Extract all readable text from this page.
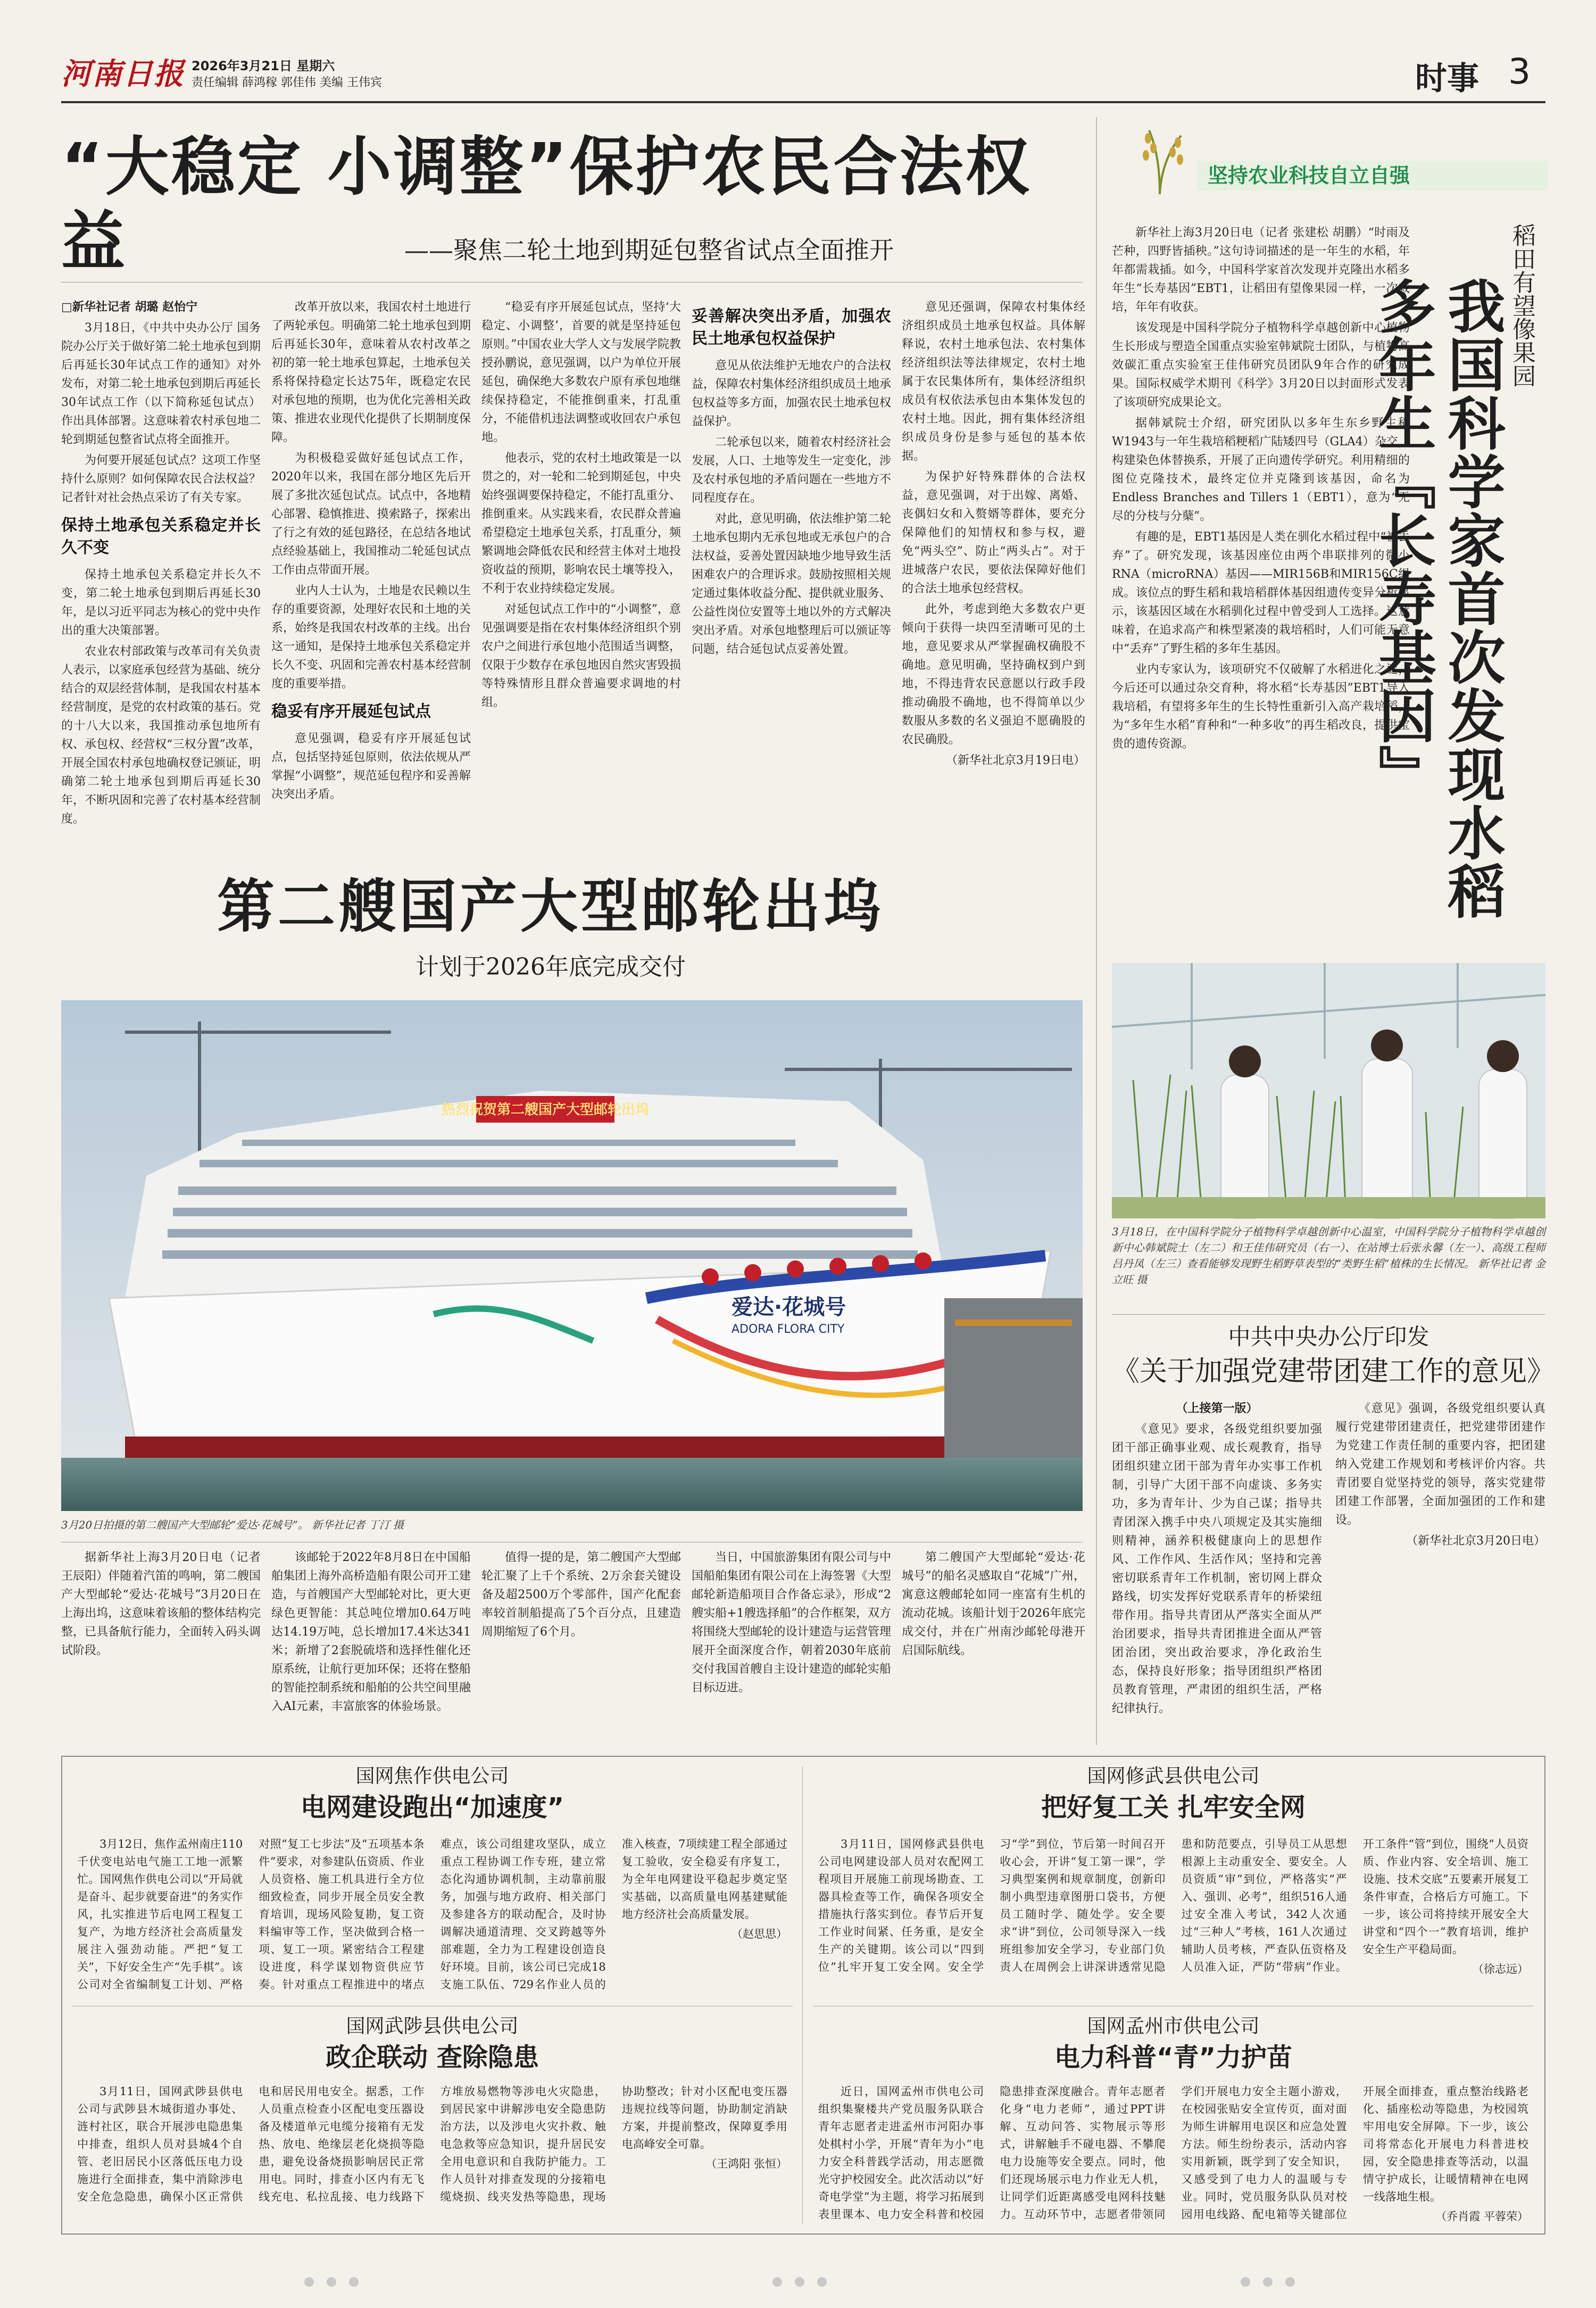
河南日报 2026年3月21日 星期六
责任编辑 薛鸿稼 郭佳伟 美编 王伟宾	时事 3
“大稳定 小调整”保护农民合法权益	——聚焦二轮土地到期延包整省试点全面推开

□新华社记者 胡璐 赵怡宁

3月18日，《中共中央办公厅 国务院办公厅关于做好第二轮土地承包到期后再延长30年试点工作的通知》对外发布，对第二轮土地承包到期后再延长30年试点工作（以下简称延包试点）作出具体部署。这意味着农村承包地二轮到期延包整省试点将全面推开。

为何要开展延包试点？这项工作坚持什么原则？如何保障农民合法权益？记者针对社会热点采访了有关专家。

保持土地承包关系稳定并长久不变

保持土地承包关系稳定并长久不变，第二轮土地承包到期后再延长30年，是以习近平同志为核心的党中央作出的重大决策部署。

农业农村部政策与改革司有关负责人表示，以家庭承包经营为基础、统分结合的双层经营体制，是我国农村基本经营制度，是党的农村政策的基石。党的十八大以来，我国推动承包地所有权、承包权、经营权“三权分置”改革，开展全国农村承包地确权登记颁证，明确第二轮土地承包到期后再延长30年，不断巩固和完善了农村基本经营制度。

改革开放以来，我国农村土地进行了两轮承包。明确第二轮土地承包到期后再延长30年，意味着从农村改革之初的第一轮土地承包算起，土地承包关系将保持稳定长达75年，既稳定农民对承包地的预期，也为优化完善相关政策、推进农业现代化提供了长期制度保障。

为积极稳妥做好延包试点工作，2020年以来，我国在部分地区先后开展了多批次延包试点。试点中，各地精心部署、稳慎推进、摸索路子，探索出了行之有效的延包路径，在总结各地试点经验基础上，我国推动二轮延包试点工作由点带面开展。

业内人士认为，土地是农民赖以生存的重要资源，处理好农民和土地的关系，始终是我国农村改革的主线。出台这一通知，是保持土地承包关系稳定并长久不变、巩固和完善农村基本经营制度的重要举措。

稳妥有序开展延包试点

意见强调，稳妥有序开展延包试点，包括坚持延包原则，依法依规从严掌握“小调整”，规范延包程序和妥善解决突出矛盾。

“稳妥有序开展延包试点，坚持‘大稳定、小调整’，首要的就是坚持延包原则。”中国农业大学人文与发展学院教授孙鹏说，意见强调，以户为单位开展延包，确保绝大多数农户原有承包地继续保持稳定，不能推倒重来，打乱重分，不能借机违法调整或收回农户承包地。

他表示，党的农村土地政策是一以贯之的，对一轮和二轮到期延包，中央始终强调要保持稳定，不能打乱重分、推倒重来。从实践来看，农民群众普遍希望稳定土地承包关系，打乱重分，频繁调地会降低农民和经营主体对土地投资收益的预期，影响农民土壤等投入，不利于农业持续稳定发展。

对延包试点工作中的“小调整”，意见强调要是指在农村集体经济组织个别农户之间进行承包地小范围适当调整，仅限于少数存在承包地因自然灾害毁损等特殊情形且群众普遍要求调地的村组。

妥善解决突出矛盾，加强农民土地承包权益保护

意见从依法维护无地农户的合法权益，保障农村集体经济组织成员土地承包权益等多方面，加强农民土地承包权益保护。

二轮承包以来，随着农村经济社会发展，人口、土地等发生一定变化，涉及农村承包地的矛盾问题在一些地方不同程度存在。

对此，意见明确，依法维护第二轮土地承包期内无承包地或无承包户的合法权益，妥善处置因缺地少地导致生活困难农户的合理诉求。鼓励按照相关规定通过集体收益分配、提供就业服务、公益性岗位安置等土地以外的方式解决突出矛盾。对承包地整理后可以颁证等问题，结合延包试点妥善处置。

意见还强调，保障农村集体经济组织成员土地承包权益。具体解释说，农村土地承包法、农村集体经济组织法等法律规定，农村土地属于农民集体所有，集体经济组织成员有权依法承包由本集体发包的农村土地。因此，拥有集体经济组织成员身份是参与延包的基本依据。

为保护好特殊群体的合法权益，意见强调，对于出嫁、离婚、丧偶妇女和入赘婿等群体，要充分保障他们的知情权和参与权，避免“两头空”、防止“两头占”。对于进城落户农民，要依法保障好他们的合法土地承包经营权。

此外，考虑到绝大多数农户更倾向于获得一块四至清晰可见的土地，意见要求从严掌握确权确股不确地。意见明确，坚持确权到户到地，不得违背农民意愿以行政手段推动确股不确地，也不得简单以少数服从多数的名义强迫不愿确股的农民确股。

（新华社北京3月19日电）

第二艘国产大型邮轮出坞
计划于2026年底完成交付
热烈祝贺第二艘国产大型邮轮出坞
爱达·花城号
ADORA FLORA CITY
3月20日拍摄的第二艘国产大型邮轮“爱达·花城号”。 新华社记者 丁汀 摄

据新华社上海3月20日电（记者 王辰阳）伴随着汽笛的鸣响，第二艘国产大型邮轮“爱达·花城号”3月20日在上海出坞，这意味着该船的整体结构完整，已具备航行能力，全面转入码头调试阶段。

该邮轮于2022年8月8日在中国船舶集团上海外高桥造船有限公司开工建造，与首艘国产大型邮轮对比，更大更绿色更智能：其总吨位增加0.64万吨达14.19万吨，总长增加17.4米达341米；新增了2套脱硫塔和选择性催化还原系统，让航行更加环保；还将在整船的智能控制系统和船舶的公共空间里融入AI元素，丰富旅客的体验场景。

值得一提的是，第二艘国产大型邮轮汇聚了上千个系统、2万余套关键设备及超2500万个零部件，国产化配套率较首制船提高了5个百分点，且建造周期缩短了6个月。

当日，中国旅游集团有限公司与中国船舶集团有限公司在上海签署《大型邮轮新造船项目合作备忘录》，形成“2艘实船+1艘选择船”的合作框架，双方将围绕大型邮轮的设计建造与运营管理展开全面深度合作，朝着2030年底前交付我国首艘自主设计建造的邮轮实船目标迈进。

第二艘国产大型邮轮“爱达·花城号”的船名灵感取自“花城”广州，寓意这艘邮轮如同一座富有生机的流动花城。该船计划于2026年底完成交付，并在广州南沙邮轮母港开启国际航线。

坚持农业科技自立自强

新华社上海3月20日电（记者 张建松 胡鹏）“时雨及芒种，四野皆插秧。”这句诗词描述的是一年生的水稻，年年都需栽插。如今，中国科学家首次发现并克隆出水稻多年生“长寿基因”EBT1，让稻田有望像果园一样，一次栽培，年年有收获。

该发现是中国科学院分子植物科学卓越创新中心植物生长形成与塑造全国重点实验室韩斌院士团队，与植物高效碳汇重点实验室王佳伟研究员团队9年合作的研究成果。国际权威学术期刊《科学》3月20日以封面形式发表了该项研究成果论文。

据韩斌院士介绍，研究团队以多年生东乡野生稻W1943与一年生栽培稻粳稻广陆矮四号（GLA4）杂交，构建染色体替换系，开展了正向遗传学研究。利用精细的图位克隆技术，最终定位并克隆到该基因，命名为Endless Branches and Tillers 1（EBT1），意为“无尽的分枝与分蘖”。

有趣的是，EBT1基因是人类在驯化水稻过程中“被丢弃”了。研究发现，该基因座位由两个串联排列的微小RNA（microRNA）基因——MIR156B和MIR156C组成。该位点的野生稻和栽培稻群体基因组遗传变异分析显示，该基因区域在水稻驯化过程中曾受到人工选择。这意味着，在追求高产和株型紧凑的栽培稻时，人们可能无意中“丢弃”了野生稻的多年生基因。

业内专家认为，该项研究不仅破解了水稻进化之谜，今后还可以通过杂交育种，将水稻“长寿基因”EBT1导入栽培稻，有望将多年生的生长特性重新引入高产栽培稻，为“多年生水稻”育种和“一种多收”的再生稻改良，提供宝贵的遗传资源。	我国科学家首次发现水稻多年生『长寿基因』	稻田有望像果园
3月18日，在中国科学院分子植物科学卓越创新中心温室，中国科学院分子植物科学卓越创新中心韩斌院士（左二）和王佳伟研究员（右一）、在站博士后张永馨（左一）、高级工程师吕丹凤（左三）查看能够发现野生稻野草表型的“类野生稻”植株的生长情况。 新华社记者 金立旺 摄
中共中央办公厅印发
《关于加强党建带团建工作的意见》

（上接第一版）

《意见》要求，各级党组织要加强团干部正确事业观、成长观教育，指导团组织建立团干部为青年办实事工作机制，引导广大团干部不向虚谈、多务实功，多为青年计、少为自己谋；指导共青团深入携手中央八项规定及其实施细则精神，涵养积极健康向上的思想作风、工作作风、生活作风；坚持和完善密切联系青年工作机制，密切网上群众路线，切实发挥好党联系青年的桥梁纽带作用。指导共青团从严落实全面从严治团要求，指导共青团推进全面从严管团治团，突出政治要求，净化政治生态，保持良好形象；指导团组织严格团员教育管理，严肃团的组织生活，严格纪律执行。

《意见》强调，各级党组织要认真履行党建带团建责任，把党建带团建作为党建工作责任制的重要内容，把团建纳入党建工作规划和考核评价内容。共青团要自觉坚持党的领导，落实党建带团建工作部署，全面加强团的工作和建设。

（新华社北京3月20日电）

国网焦作供电公司
电网建设跑出“加速度”

3月12日，焦作孟州南庄110千伏变电站电气施工工地一派繁忙。国网焦作供电公司以“开局就是奋斗、起步就要奋进”的务实作风，扎实推进节后电网工程复工复产，为地方经济社会高质量发展注入强劲动能。严把“复工关”，下好安全生产“先手棋”。该公司对全省编制复工计划、严格对照“复工七步法”及“五项基本条件”要求，对参建队伍资质、作业人员资格、施工机具进行全方位细致检查，同步开展全员安全教育培训，现场风险复勘，复工资料编审等工作，坚决做到合格一项、复工一项。紧密结合工程建设进度，科学谋划物资供应节奏。针对重点工程推进中的堵点难点，该公司组建攻坚队，成立重点工程协调工作专班，建立常态化沟通协调机制，主动靠前服务，加强与地方政府、相关部门及参建各方的联动配合，及时协调解决通道清理、交叉跨越等外部难题，全力为工程建设创造良好环境。目前，该公司已完成18支施工队伍、729名作业人员的准入核查，7项续建工程全部通过复工验收，安全稳妥有序复工，为全年电网建设平稳起步奠定坚实基础，以高质量电网基建赋能地方经济社会高质量发展。

（赵思思）

国网修武县供电公司
把好复工关 扎牢安全网

3月11日，国网修武县供电公司电网建设部人员对农配网工程项目开展施工前现场勘查、工器具检查等工作，确保各项安全措施执行落实到位。春节后开复工作业时间紧、任务重，是安全生产的关键期。该公司以“四到位”扎牢开复工安全网。安全学习“学”到位，节后第一时间召开收心会，开讲“复工第一课”，学习典型案例和规章制度，创新印制小典型违章图册口袋书，方便员工随时学、随处学。安全要求“讲”到位，公司领导深入一线班组参加安全学习，专业部门负责人在周例会上讲深讲透常见隐患和防范要点，引导员工从思想根源上主动重安全、要安全。人员资质“审”到位，严格落实“严入、强训、必考”，组织516人通过安全准入考试，342人次通过“三种人”考核，161人次通过辅助人员考核，严查队伍资格及人员准入证，严防“带病”作业。开工条件“管”到位，围绕“人员资质、作业内容、安全培训、施工设施、技术交底”五要素开展复工条件审查，合格后方可施工。下一步，该公司将持续开展安全大讲堂和“四个一”教育培训，维护安全生产平稳局面。

（徐志远）

国网武陟县供电公司
政企联动 查除隐患

3月11日，国网武陟县供电公司与武陟县木城街道办事处、涟村社区，联合开展涉电隐患集中排查，组织人员对县城4个自管、老旧居民小区落低压电力设施进行全面排查，集中消除涉电安全危急隐患，确保小区正常供电和居民用电安全。据悉，工作人员重点检查小区配电变压器设备及楼道单元电缆分接箱有无发热、放电、绝缘层老化烧损等隐患，避免设备烧损影响居民正常用电。同时，排查小区内有无飞线充电、私拉乱接、电力线路下方堆放易燃物等涉电火灾隐患，到居民家中讲解涉电安全隐患防治方法，以及涉电火灾扑救、触电急救等应急知识，提升居民安全用电意识和自我防护能力。工作人员针对排查发现的分接箱电缆烧损、线夹发热等隐患，现场协助整改；针对小区配电变压器违规拉线等问题，协助制定消缺方案，并提前整改，保障夏季用电高峰安全可靠。

（王鸿阳 张恒）

国网孟州市供电公司
电力科普“青”力护苗

近日，国网孟州市供电公司组织集聚楼共产党员服务队联合青年志愿者走进孟州市河阳办事处棋村小学，开展“青年为小”电力安全科普践学活动，用志愿微光守护校园安全。此次活动以“好奇电学堂”为主题，将学习拓展到表里课本、电力安全科普和校园隐患排查深度融合。青年志愿者化身“电力老师”，通过PPT讲解、互动问答、实物展示等形式，讲解触手不碰电器、不攀爬电力设施等安全要点。同时，他们还现场展示电力作业无人机，让同学们近距离感受电网科技魅力。互动环节中，志愿者带领同学们开展电力安全主题小游戏，在校园张贴安全宣传页，面对面为师生讲解用电误区和应急处置方法。师生纷纷表示，活动内容实用新颖，既学到了安全知识，又感受到了电力人的温暖与专业。同时，党员服务队队员对校园用电线路、配电箱等关键部位开展全面排查，重点整治线路老化、插座松动等隐患，为校园筑牢用电安全屏障。下一步，该公司将常态化开展电力科普进校园，安全隐患排查等活动，以温情守护成长，让暖情精神在电网一线落地生根。

（乔肖霞 平蓉荣）
